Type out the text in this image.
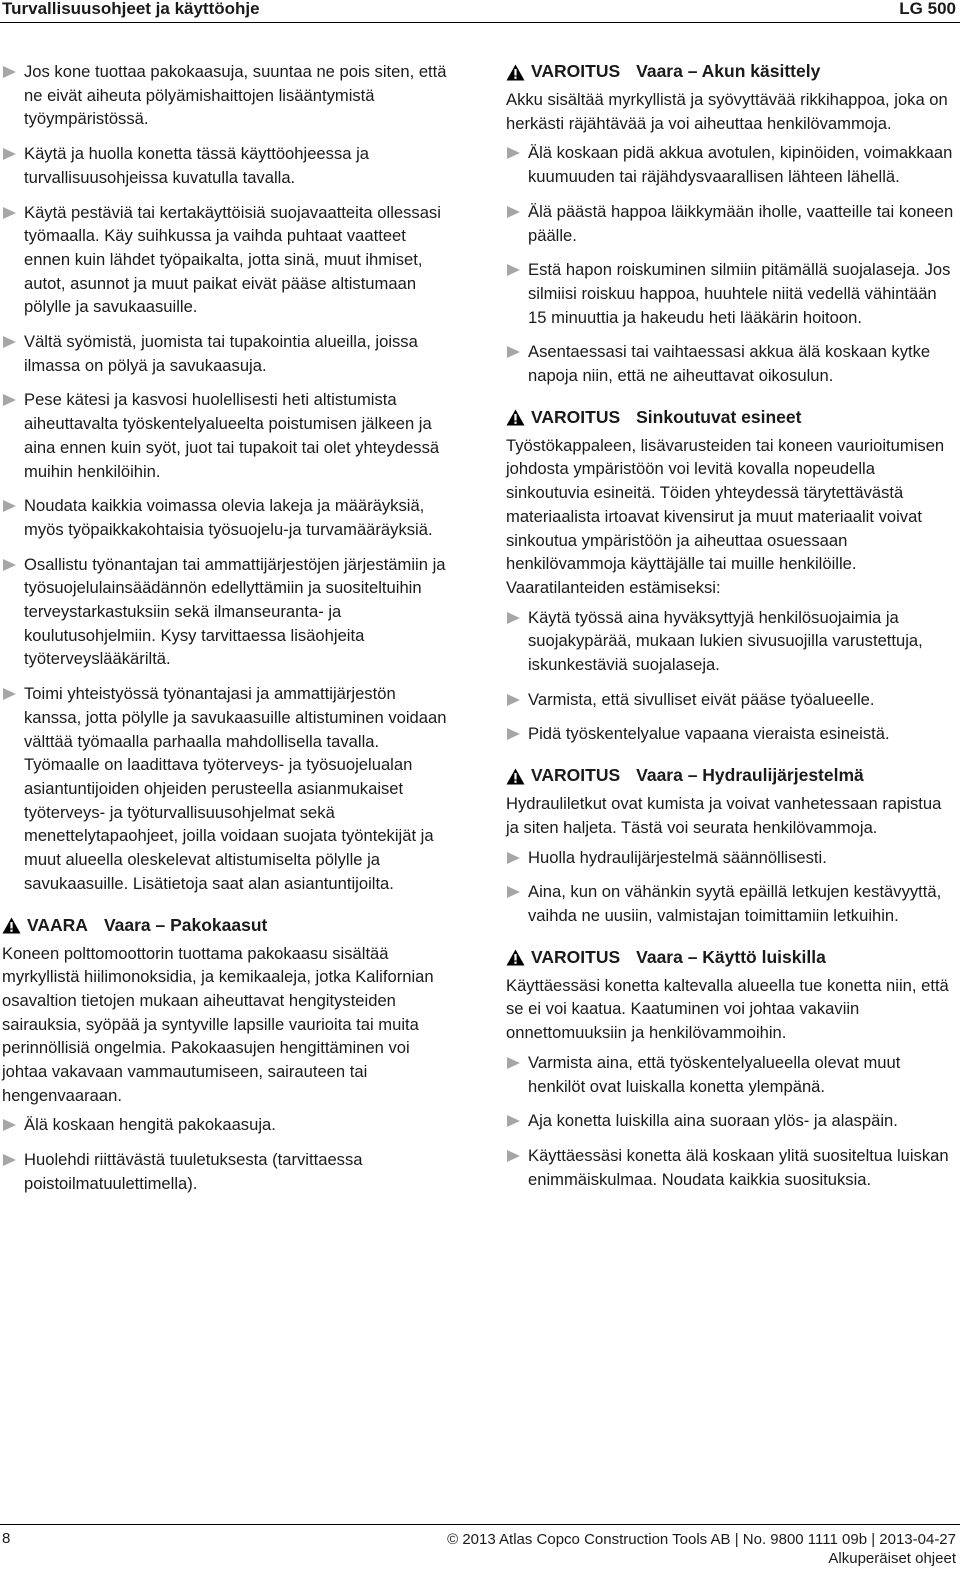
Turvallisuusohjeet ja käyttöohje	LG 500
Jos kone tuottaa pakokaasuja, suuntaa ne pois siten, että ne eivät aiheuta pölyämishaittojen lisääntymistä työympäristössä.
Käytä ja huolla konetta tässä käyttöohjeessa ja turvallisuusohjeissa kuvatulla tavalla.
Käytä pestäviä tai kertakäyttöisiä suojavaatteita ollessasi työmaalla. Käy suihkussa ja vaihda puhtaat vaatteet ennen kuin lähdet työpaikalta, jotta sinä, muut ihmiset, autot, asunnot ja muut paikat eivät pääse altistumaan pölylle ja savukaasuille.
Vältä syömistä, juomista tai tupakointia alueilla, joissa ilmassa on pölyä ja savukaasuja.
Pese kätesi ja kasvosi huolellisesti heti altistumista aiheuttavalta työskentelyalueelta poistumisen jälkeen ja aina ennen kuin syöt, juot tai tupakoit tai olet yhteydessä muihin henkilöihin.
Noudata kaikkia voimassa olevia lakeja ja määräyksiä, myös työpaikkakohtaisia työsuojelu-ja turvamääräyksiä.
Osallistu työnantajan tai ammattijärjestöjen järjestämiin ja työsuojelulainsäädännön edellyttämiin ja suositeltuihin terveystarkastuksiin sekä ilmanseuranta- ja koulutusohjelmiin. Kysy tarvittaessa lisäohjeita työterveyslääkäriltä.
Toimi yhteistyössä työnantajasi ja ammattijärjestön kanssa, jotta pölylle ja savukaasuille altistuminen voidaan välttää työmaalla parhaalla mahdollisella tavalla. Työmaalle on laadittava työterveys- ja työsuojelualan asiantuntijoiden ohjeiden perusteella asianmukaiset työterveys- ja työturvallisuusohjelmat sekä menettelytapaohjeet, joilla voidaan suojata työntekijät ja muut alueella oleskelevat altistumiselta pölylle ja savukaasuille. Lisätietoja saat alan asiantuntijoilta.
VAARA Vaara – Pakokaasut
Koneen polttomoottorin tuottama pakokaasu sisältää myrkyllistä hiilimonoksidia, ja kemikaaleja, jotka Kalifornian osavaltion tietojen mukaan aiheuttavat hengitysteiden sairauksia, syöpää ja syntyville lapsille vaurioita tai muita perinnöllisiä ongelmia. Pakokaasujen hengittäminen voi johtaa vakavaan vammautumiseen, sairauteen tai hengenvaaraan.
Älä koskaan hengitä pakokaasuja.
Huolehdi riittävästä tuuletuksesta (tarvittaessa poistoilmatuulettimella).
VAROITUS Vaara – Akun käsittely
Akku sisältää myrkyllistä ja syövyttävää rikkihappoa, joka on herkästi räjähtävää ja voi aiheuttaa henkilövammoja.
Älä koskaan pidä akkua avotulen, kipinöiden, voimakkaan kuumuuden tai räjähdysvaarallisen lähteen lähellä.
Älä päästä happoa läikkymään iholle, vaatteille tai koneen päälle.
Estä hapon roiskuminen silmiin pitämällä suojalaseja. Jos silmiisi roiskuu happoa, huuhtele niitä vedellä vähintään 15 minuuttia ja hakeudu heti lääkärin hoitoon.
Asentaessasi tai vaihtaessasi akkua älä koskaan kytke napoja niin, että ne aiheuttavat oikosulun.
VAROITUS Sinkoutuvat esineet
Työstökappaleen, lisävarusteiden tai koneen vaurioitumisen johdosta ympäristöön voi levitä kovalla nopeudella sinkoutuvia esineitä. Töiden yhteydessä tärytettävästä materiaalista irtoavat kivensirut ja muut materiaalit voivat sinkoutua ympäristöön ja aiheuttaa osuessaan henkilövammoja käyttäjälle tai muille henkilöille. Vaaratilanteiden estämiseksi:
Käytä työssä aina hyväksyttyjä henkilösuojaimia ja suojakypärää, mukaan lukien sivusuojilla varustettuja, iskunkestäviä suojalaseja.
Varmista, että sivulliset eivät pääse työalueelle.
Pidä työskentelyalue vapaana vieraista esineistä.
VAROITUS Vaara – Hydraulijärjestelmä
Hydrauliletkut ovat kumista ja voivat vanhetessaan rapistua ja siten haljeta. Tästä voi seurata henkilövammoja.
Huolla hydraulijärjestelmä säännöllisesti.
Aina, kun on vähänkin syytä epäillä letkujen kestävyyttä, vaihda ne uusiin, valmistajan toimittamiin letkuihin.
VAROITUS Vaara – Käyttö luiskilla
Käyttäessäsi konetta kaltevalla alueella tue konetta niin, että se ei voi kaatua. Kaatuminen voi johtaa vakaviin onnettomuuksiin ja henkilövammoihin.
Varmista aina, että työskentelyalueella olevat muut henkilöt ovat luiskalla konetta ylempänä.
Aja konetta luiskilla aina suoraan ylös- ja alaspäin.
Käyttäessäsi konetta älä koskaan ylitä suositeltua luiskan enimmäiskulmaa. Noudata kaikkia suosituksia.
8	© 2013 Atlas Copco Construction Tools AB | No. 9800 1111 09b | 2013-04-27
Alkuperäiset ohjeet
